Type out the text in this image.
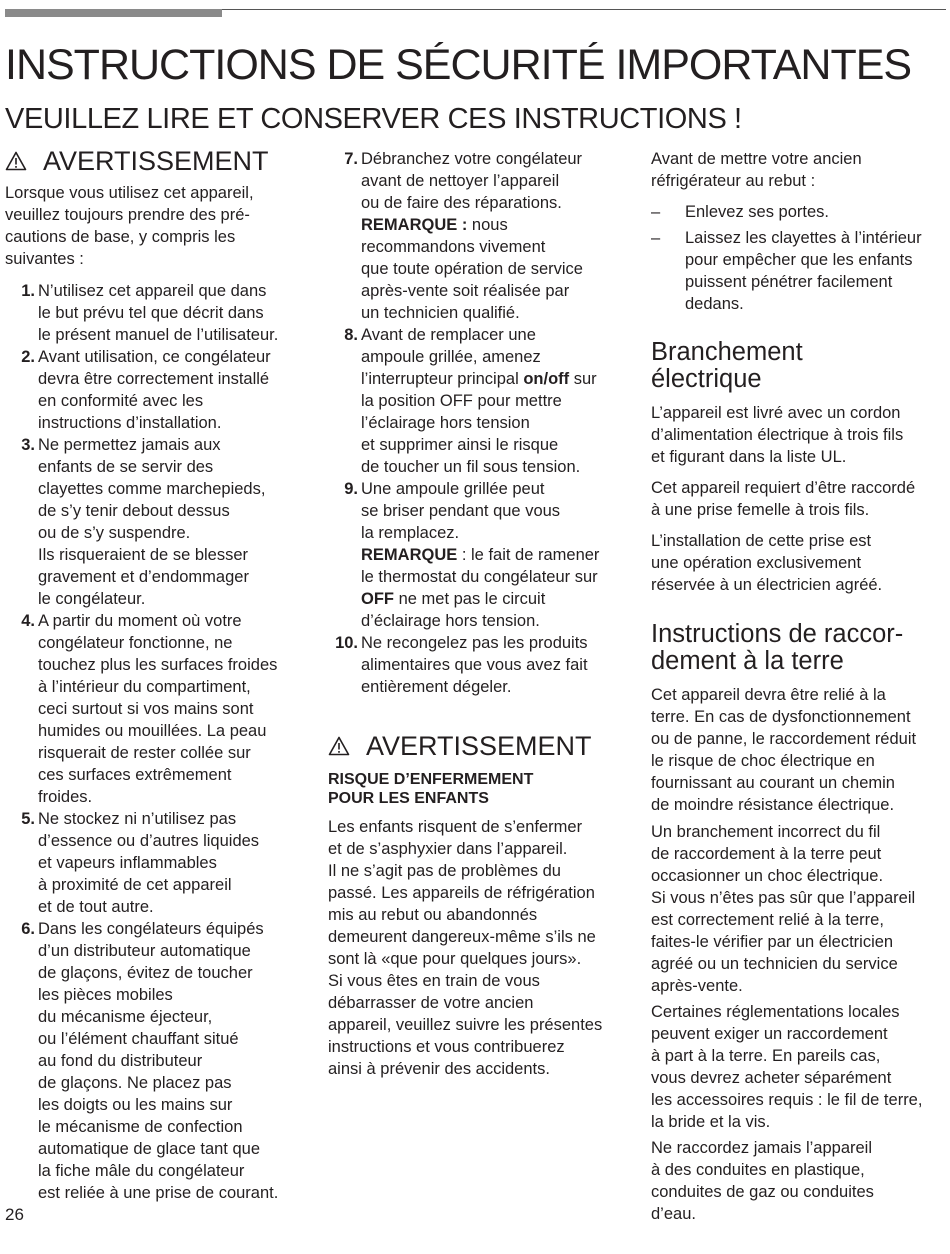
INSTRUCTIONS DE SÉCURITÉ IMPORTANTES
VEUILLEZ LIRE ET CONSERVER CES INSTRUCTIONS !
AVERTISSEMENT

Lorsque vous utilisez cet appareil,
veuillez toujours prendre des pré-
cautions de base, y compris les
suivantes :

1. N’utilisez cet appareil que dans
le but prévu tel que décrit dans
le présent manuel de l’utilisateur.
2. Avant utilisation, ce congélateur
devra être correctement installé
en conformité avec les
instructions d’installation.
3. Ne permettez jamais aux
enfants de se servir des
clayettes comme marchepieds,
de s’y tenir debout dessus
ou de s’y suspendre.
Ils risqueraient de se blesser
gravement et d’endommager
le congélateur.
4. A partir du moment où votre
congélateur fonctionne, ne
touchez plus les surfaces froides
à l’intérieur du compartiment,
ceci surtout si vos mains sont
humides ou mouillées. La peau
risquerait de rester collée sur
ces surfaces extrêmement
froides.
5. Ne stockez ni n’utilisez pas
d’essence ou d’autres liquides
et vapeurs inflammables
à proximité de cet appareil
et de tout autre.
6. Dans les congélateurs équipés
d’un distributeur automatique
de glaçons, évitez de toucher
les pièces mobiles
du mécanisme éjecteur,
ou l’élément chauffant situé
au fond du distributeur
de glaçons. Ne placez pas
les doigts ou les mains sur
le mécanisme de confection
automatique de glace tant que
la fiche mâle du congélateur
est reliée à une prise de courant.
7. Débranchez votre congélateur
avant de nettoyer l’appareil
ou de faire des réparations.
REMARQUE : nous
recommandons vivement
que toute opération de service
après-vente soit réalisée par
un technicien qualifié.
8. Avant de remplacer une
ampoule grillée, amenez
l’interrupteur principal on/off sur
la position OFF pour mettre
l’éclairage hors tension
et supprimer ainsi le risque
de toucher un fil sous tension.
9. Une ampoule grillée peut
se briser pendant que vous
la remplacez.
REMARQUE : le fait de ramener
le thermostat du congélateur sur
OFF ne met pas le circuit
d’éclairage hors tension.
10. Ne recongelez pas les produits
alimentaires que vous avez fait
entièrement dégeler.
AVERTISSEMENT
RISQUE D’ENFERMEMENT
POUR LES ENFANTS

Les enfants risquent de s’enfermer
et de s’asphyxier dans l’appareil.
Il ne s’agit pas de problèmes du
passé. Les appareils de réfrigération
mis au rebut ou abandonnés
demeurent dangereux-même s’ils ne
sont là «que pour quelques jours».
Si vous êtes en train de vous
débarrasser de votre ancien
appareil, veuillez suivre les présentes
instructions et vous contribuerez
ainsi à prévenir des accidents.

Avant de mettre votre ancien
réfrigérateur au rebut :

– Enlevez ses portes.
– Laissez les clayettes à l’intérieur
pour empêcher que les enfants
puissent pénétrer facilement
dedans.
Branchement
électrique

L’appareil est livré avec un cordon
d’alimentation électrique à trois fils
et figurant dans la liste UL.

Cet appareil requiert d’être raccordé
à une prise femelle à trois fils.

L’installation de cette prise est
une opération exclusivement
réservée à un électricien agréé.

Instructions de raccor-
dement à la terre

Cet appareil devra être relié à la
terre. En cas de dysfonctionnement
ou de panne, le raccordement réduit
le risque de choc électrique en
fournissant au courant un chemin
de moindre résistance électrique.

Un branchement incorrect du fil
de raccordement à la terre peut
occasionner un choc électrique.
Si vous n’êtes pas sûr que l’appareil
est correctement relié à la terre,
faites-le vérifier par un électricien
agréé ou un technicien du service
après-vente.

Certaines réglementations locales
peuvent exiger un raccordement
à part à la terre. En pareils cas,
vous devrez acheter séparément
les accessoires requis : le fil de terre,
la bride et la vis.

Ne raccordez jamais l’appareil
à des conduites en plastique,
conduites de gaz ou conduites
d’eau.

26
